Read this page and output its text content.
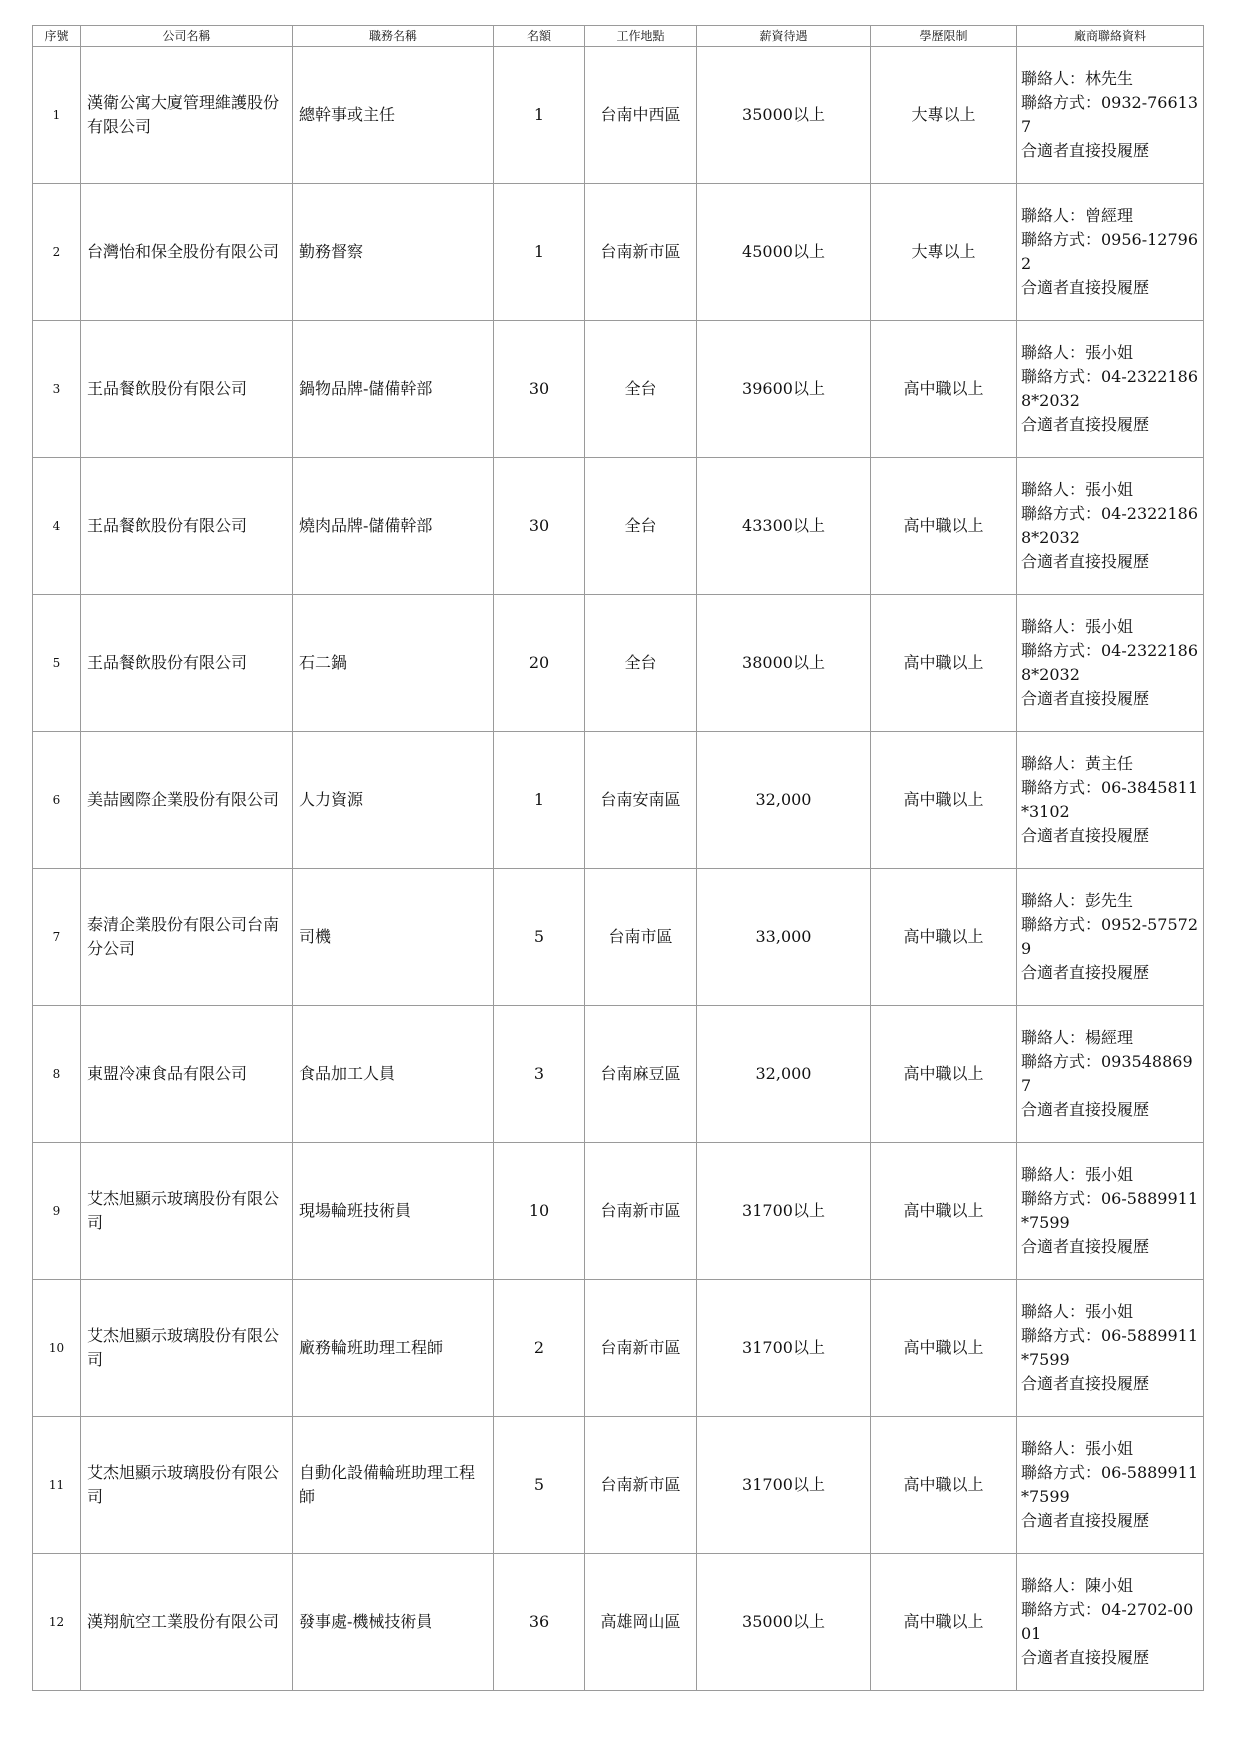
序號	公司名稱	職務名稱	名額	工作地點	薪資待遇	學歷限制	廠商聯絡資料
1	漢衛公寓大廈管理維護股份有限公司	總幹事或主任	1	台南中西區	35000以上	大專以上	聯絡人：林先生
聯絡方式：0932-766137
合適者直接投履歷

2	台灣怡和保全股份有限公司	勤務督察	1	台南新市區	45000以上	大專以上	聯絡人：曾經理
聯絡方式：0956-127962
合適者直接投履歷

3	王品餐飲股份有限公司	鍋物品牌-儲備幹部	30	全台	39600以上	高中職以上	聯絡人：張小姐
聯絡方式：04-23221868*2032
合適者直接投履歷

4	王品餐飲股份有限公司	燒肉品牌-儲備幹部	30	全台	43300以上	高中職以上	聯絡人：張小姐
聯絡方式：04-23221868*2032
合適者直接投履歷

5	王品餐飲股份有限公司	石二鍋	20	全台	38000以上	高中職以上	聯絡人：張小姐
聯絡方式：04-23221868*2032
合適者直接投履歷

6	美喆國際企業股份有限公司	人力資源	1	台南安南區	32,000	高中職以上	聯絡人：黃主任
聯絡方式：06-3845811*3102
合適者直接投履歷

7	泰清企業股份有限公司台南分公司	司機	5	台南市區	33,000	高中職以上	聯絡人：彭先生
聯絡方式：0952-575729
合適者直接投履歷

8	東盟冷凍食品有限公司	食品加工人員	3	台南麻豆區	32,000	高中職以上	聯絡人：楊經理
聯絡方式：0935488697
合適者直接投履歷

9	艾杰旭顯示玻璃股份有限公司	現場輪班技術員	10	台南新市區	31700以上	高中職以上	聯絡人：張小姐
聯絡方式：06-5889911*7599
合適者直接投履歷

10	艾杰旭顯示玻璃股份有限公司	廠務輪班助理工程師	2	台南新市區	31700以上	高中職以上	聯絡人：張小姐
聯絡方式：06-5889911*7599
合適者直接投履歷

11	艾杰旭顯示玻璃股份有限公司	自動化設備輪班助理工程師	5	台南新市區	31700以上	高中職以上	聯絡人：張小姐
聯絡方式：06-5889911*7599
合適者直接投履歷

12	漢翔航空工業股份有限公司	發事處-機械技術員	36	高雄岡山區	35000以上	高中職以上	聯絡人：陳小姐
聯絡方式：04-2702-0001
合適者直接投履歷
